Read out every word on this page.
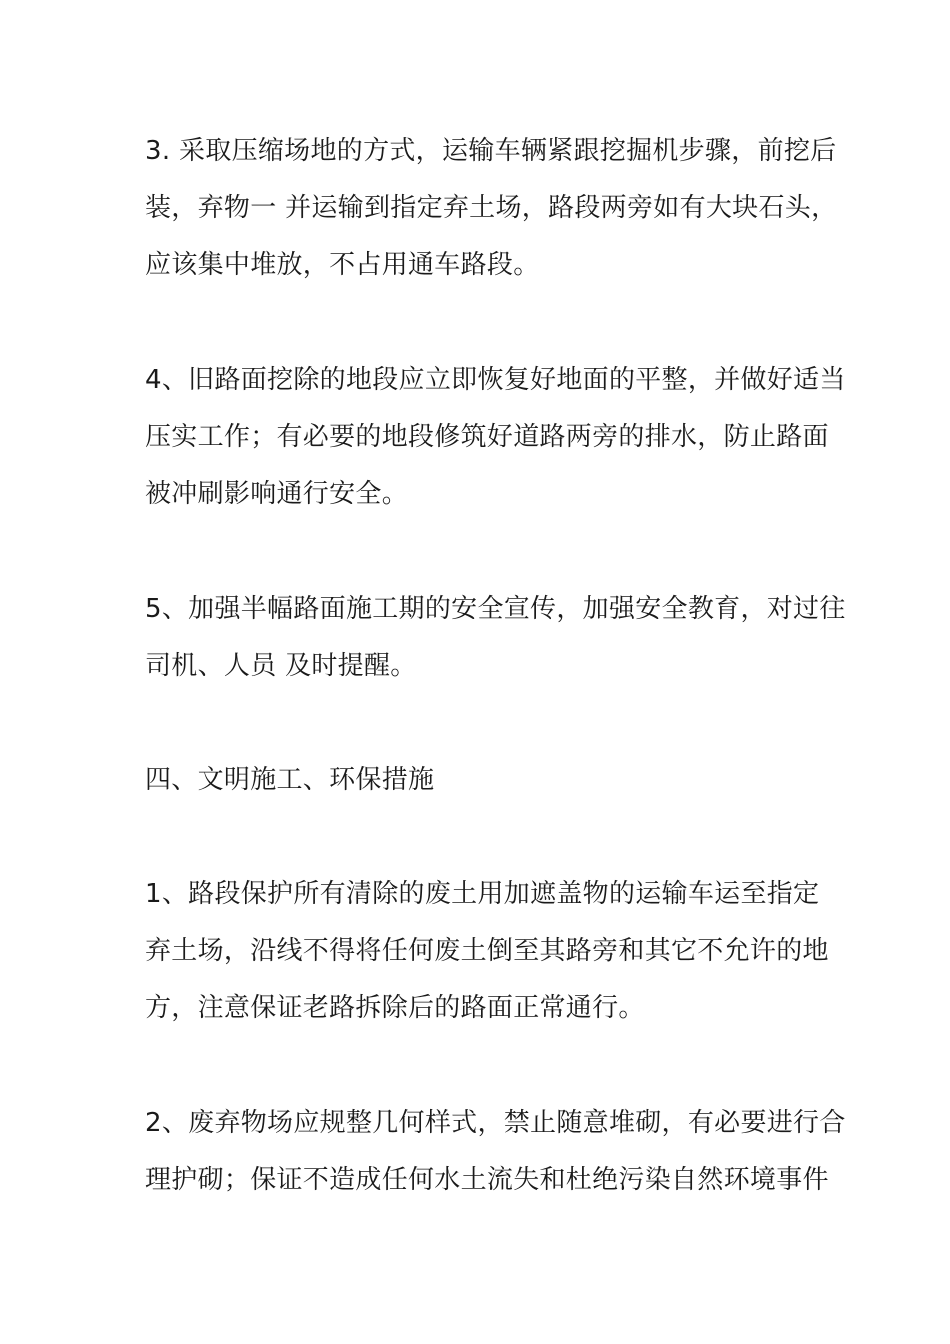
3. 采取压缩场地的方式，运输车辆紧跟挖掘机步骤，前挖后
装，弃物一 并运输到指定弃土场，路段两旁如有大块石头，
应该集中堆放，不占用通车路段。

4、旧路面挖除的地段应立即恢复好地面的平整，并做好适当
压实工作；有必要的地段修筑好道路两旁的排水，防止路面
被冲刷影响通行安全。

5、加强半幅路面施工期的安全宣传，加强安全教育，对过往
司机、人员 及时提醒。

四、文明施工、环保措施

1、路段保护所有清除的废土用加遮盖物的运输车运至指定
弃土场，沿线不得将任何废土倒至其路旁和其它不允许的地
方，注意保证老路拆除后的路面正常通行。

2、废弃物场应规整几何样式，禁止随意堆砌，有必要进行合
理护砌；保证不造成任何水土流失和杜绝污染自然环境事件
